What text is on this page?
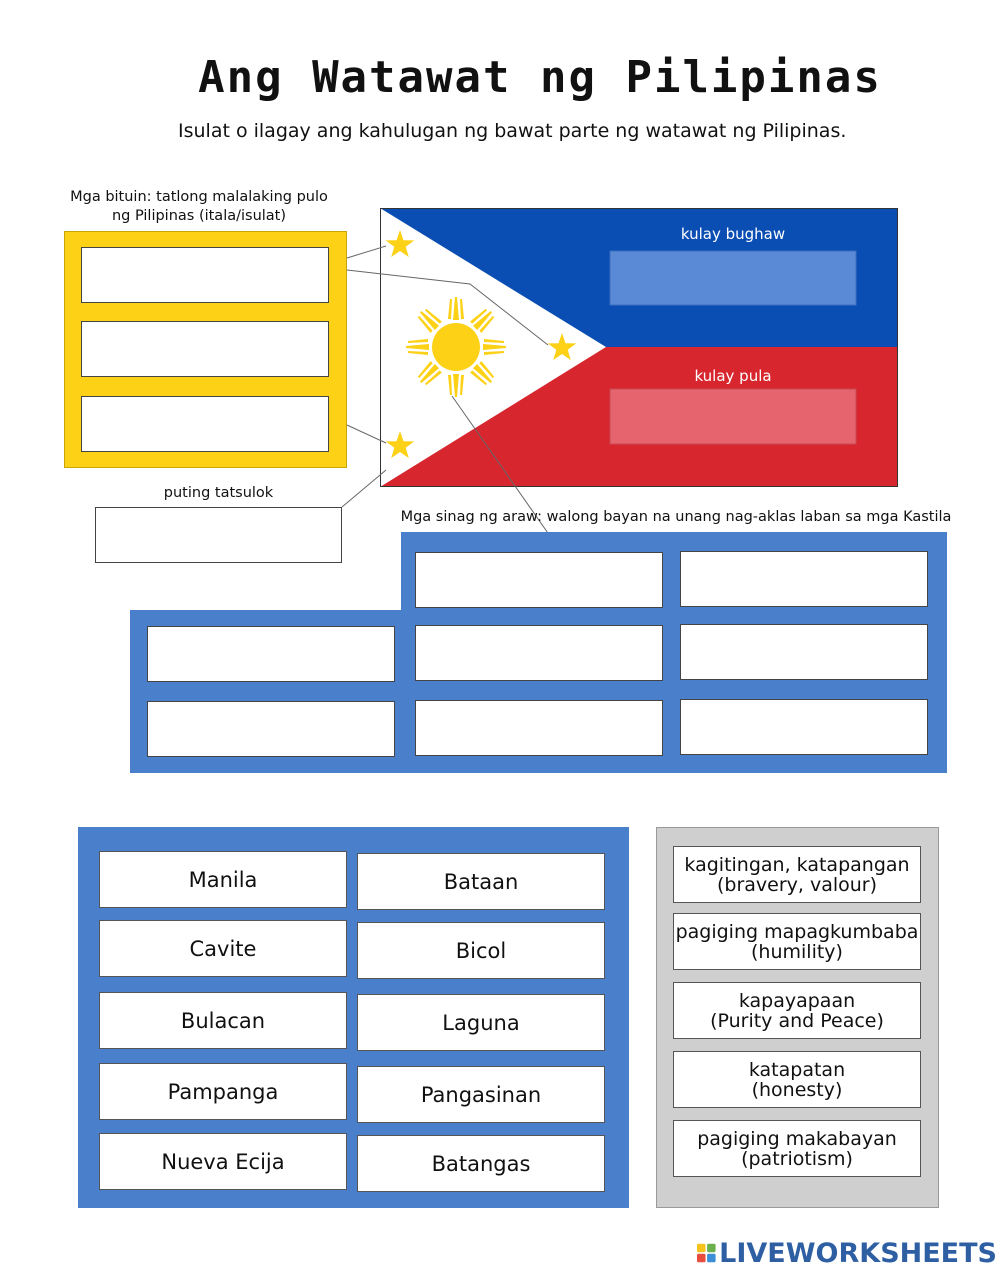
Ang Watawat ng Pilipinas
Isulat o ilagay ang kahulugan ng bawat parte ng watawat ng Pilipinas.
Mga bituin: tatlong malalaking pulo ng Pilipinas (itala/isulat)
puting tatsulok
kulay bughaw
kulay pula
Mga sinag ng araw: walong bayan na unang nag-aklas laban sa mga Kastila
Manila	Bataan
Cavite	Bicol
Bulacan	Laguna
Pampanga	Pangasinan
Nueva Ecija	Batangas
kagitingan, katapangan
(bravery, valour)
pagiging mapagkumbaba
(humility)
kapayapaan
(Purity and Peace)
katapatan
(honesty)
pagiging makabayan
(patriotism)
LIVEWORKSHEETS
